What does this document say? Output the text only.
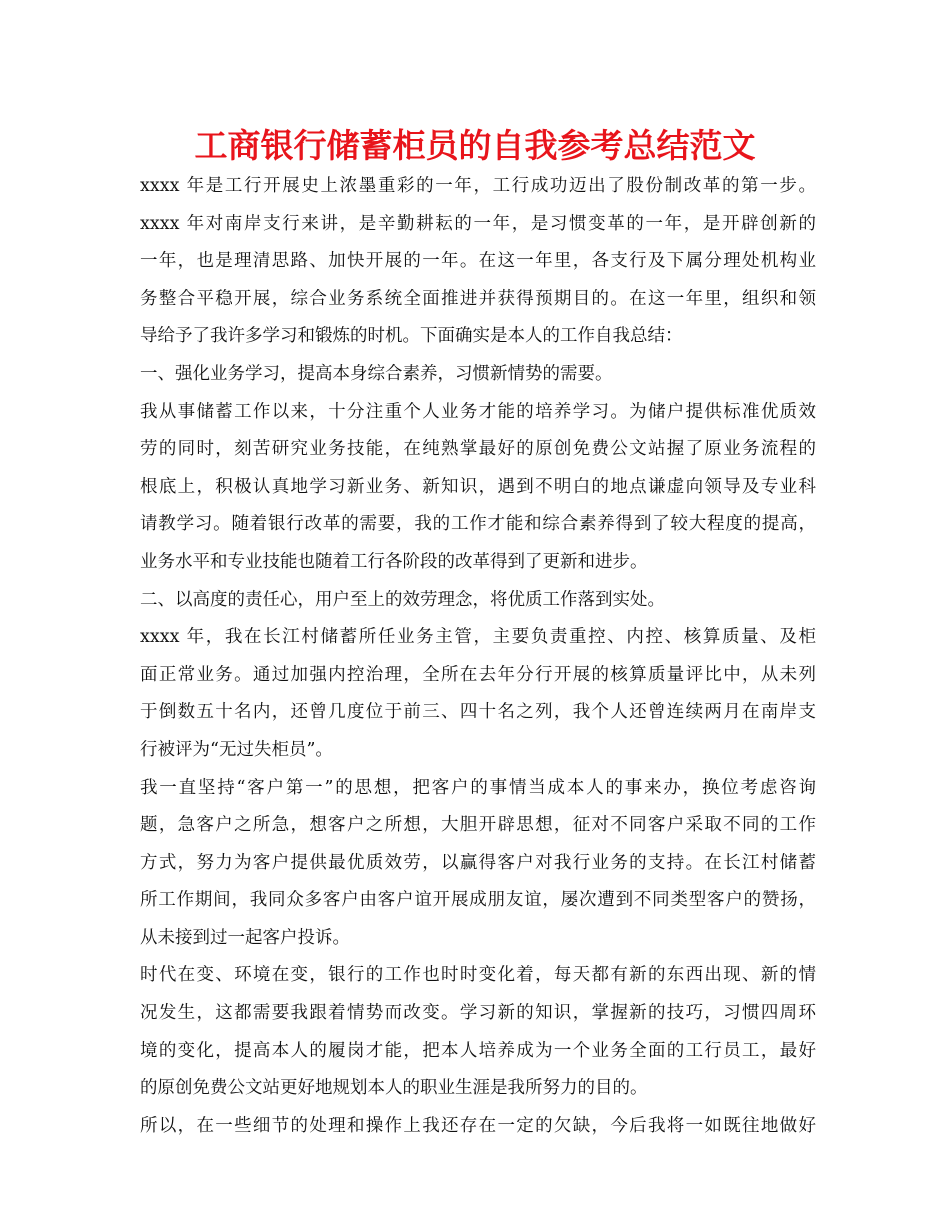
工商银行储蓄柜员的自我参考总结范文
xxxx 年是工行开展史上浓墨重彩的一年，工行成功迈出了股份制改革的第一步。
xxxx 年对南岸支行来讲，是辛勤耕耘的一年，是习惯变革的一年，是开辟创新的
一年，也是理清思路、加快开展的一年。在这一年里，各支行及下属分理处机构业
务整合平稳开展，综合业务系统全面推进并获得预期目的。在这一年里，组织和领
导给予了我许多学习和锻炼的时机。下面确实是本人的工作自我总结：
一、强化业务学习，提高本身综合素养，习惯新情势的需要。
我从事储蓄工作以来，十分注重个人业务才能的培养学习。为储户提供标准优质效
劳的同时，刻苦研究业务技能，在纯熟掌最好的原创免费公文站握了原业务流程的
根底上，积极认真地学习新业务、新知识，遇到不明白的地点谦虚向领导及专业科
请教学习。随着银行改革的需要，我的工作才能和综合素养得到了较大程度的提高，
业务水平和专业技能也随着工行各阶段的改革得到了更新和进步。
二、以高度的责任心，用户至上的效劳理念，将优质工作落到实处。
xxxx 年，我在长江村储蓄所任业务主管，主要负责重控、内控、核算质量、及柜
面正常业务。通过加强内控治理，全所在去年分行开展的核算质量评比中，从未列
于倒数五十名内，还曾几度位于前三、四十名之列，我个人还曾连续两月在南岸支
行被评为“无过失柜员”。
我一直坚持“客户第一”的思想，把客户的事情当成本人的事来办，换位考虑咨询
题，急客户之所急，想客户之所想，大胆开辟思想，征对不同客户采取不同的工作
方式，努力为客户提供最优质效劳，以赢得客户对我行业务的支持。在长江村储蓄
所工作期间，我同众多客户由客户谊开展成朋友谊，屡次遭到不同类型客户的赞扬，
从未接到过一起客户投诉。
时代在变、环境在变，银行的工作也时时变化着，每天都有新的东西出现、新的情
况发生，这都需要我跟着情势而改变。学习新的知识，掌握新的技巧，习惯四周环
境的变化，提高本人的履岗才能，把本人培养成为一个业务全面的工行员工，最好
的原创免费公文站更好地规划本人的职业生涯是我所努力的目的。
所以，在一些细节的处理和操作上我还存在一定的欠缺，今后我将一如既往地做好
